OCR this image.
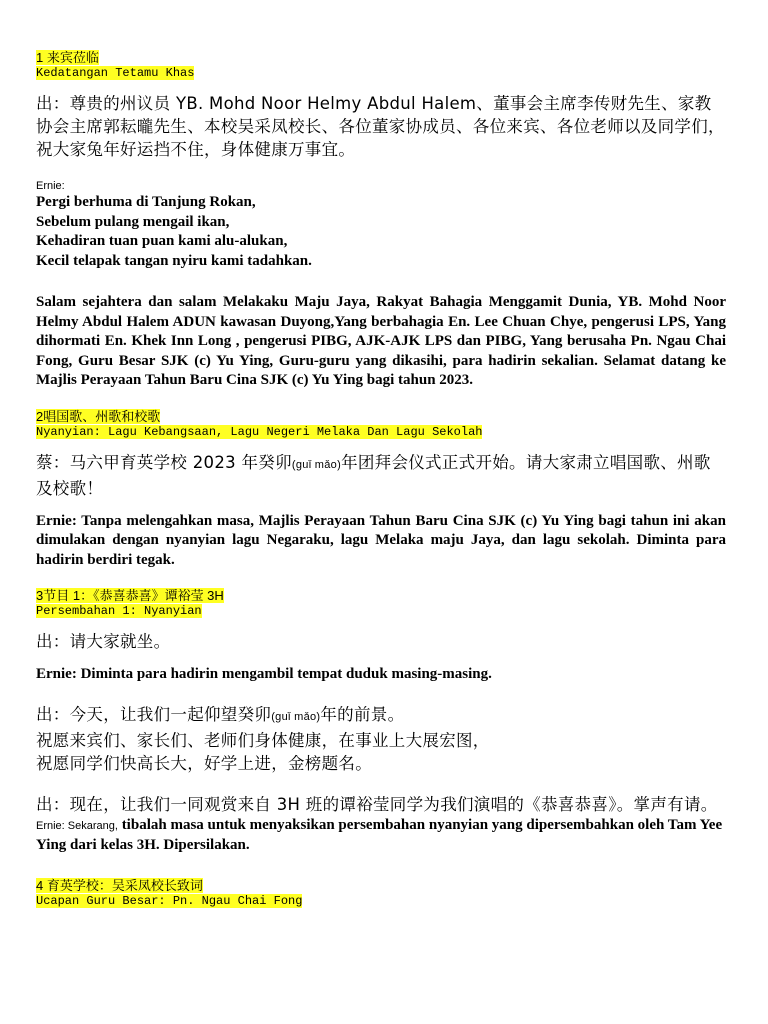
1 来宾莅临
Kedatangan Tetamu Khas
出：尊贵的州议员 YB. Mohd Noor Helmy Abdul Halem、董事会主席李传财先生、家教协会主席郭耘曨先生、本校吴采凤校长、各位董家协成员、各位来宾、各位老师以及同学们，祝大家兔年好运挡不住，身体健康万事宜。
Ernie:
Pergi berhuma di Tanjung Rokan,
Sebelum pulang mengail ikan,
Kehadiran tuan puan kami alu-alukan,
Kecil telapak tangan nyiru kami tadahkan.
Salam sejahtera dan salam Melakaku Maju Jaya, Rakyat Bahagia Menggamit Dunia, YB. Mohd Noor Helmy Abdul Halem ADUN kawasan Duyong,Yang berbahagia En. Lee Chuan Chye, pengerusi LPS, Yang dihormati En. Khek Inn Long , pengerusi PIBG, AJK-AJK LPS dan PIBG, Yang berusaha Pn. Ngau Chai Fong, Guru Besar SJK (c) Yu Ying, Guru-guru yang dikasihi, para hadirin sekalian. Selamat datang ke Majlis Perayaan Tahun Baru Cina SJK (c) Yu Ying bagi tahun 2023.
2唱国歌、州歌和校歌
Nyanyian: Lagu Kebangsaan, Lagu Negeri Melaka Dan Lagu Sekolah
蔡：马六甲育英学校 2023 年癸卯(guǐ mǎo)年团拜会仪式正式开始。请大家肃立唱国歌、州歌及校歌！
Ernie: Tanpa melengahkan masa, Majlis Perayaan Tahun Baru Cina SJK (c) Yu Ying bagi tahun ini akan dimulakan dengan nyanyian lagu Negaraku, lagu Melaka maju Jaya, dan lagu sekolah. Diminta para hadirin berdiri tegak.
3节目 1：《恭喜恭喜》谭裕莹 3H
Persembahan 1: Nyanyian
出：请大家就坐。
Ernie: Diminta para hadirin mengambil tempat duduk masing-masing.
出：今天，让我们一起仰望癸卯(guǐ mǎo)年的前景。
祝愿来宾们、家长们、老师们身体健康，在事业上大展宏图，
祝愿同学们快高长大，好学上进，金榜题名。
出：现在，让我们一同观赏来自 3H 班的谭裕莹同学为我们演唱的《恭喜恭喜》。掌声有请。
Ernie: Sekarang, tibalah masa untuk menyaksikan persembahan nyanyian yang dipersembahkan oleh Tam Yee Ying dari kelas 3H. Dipersilakan.
4 育英学校：吴采凤校长致词
Ucapan Guru Besar: Pn. Ngau Chai Fong
